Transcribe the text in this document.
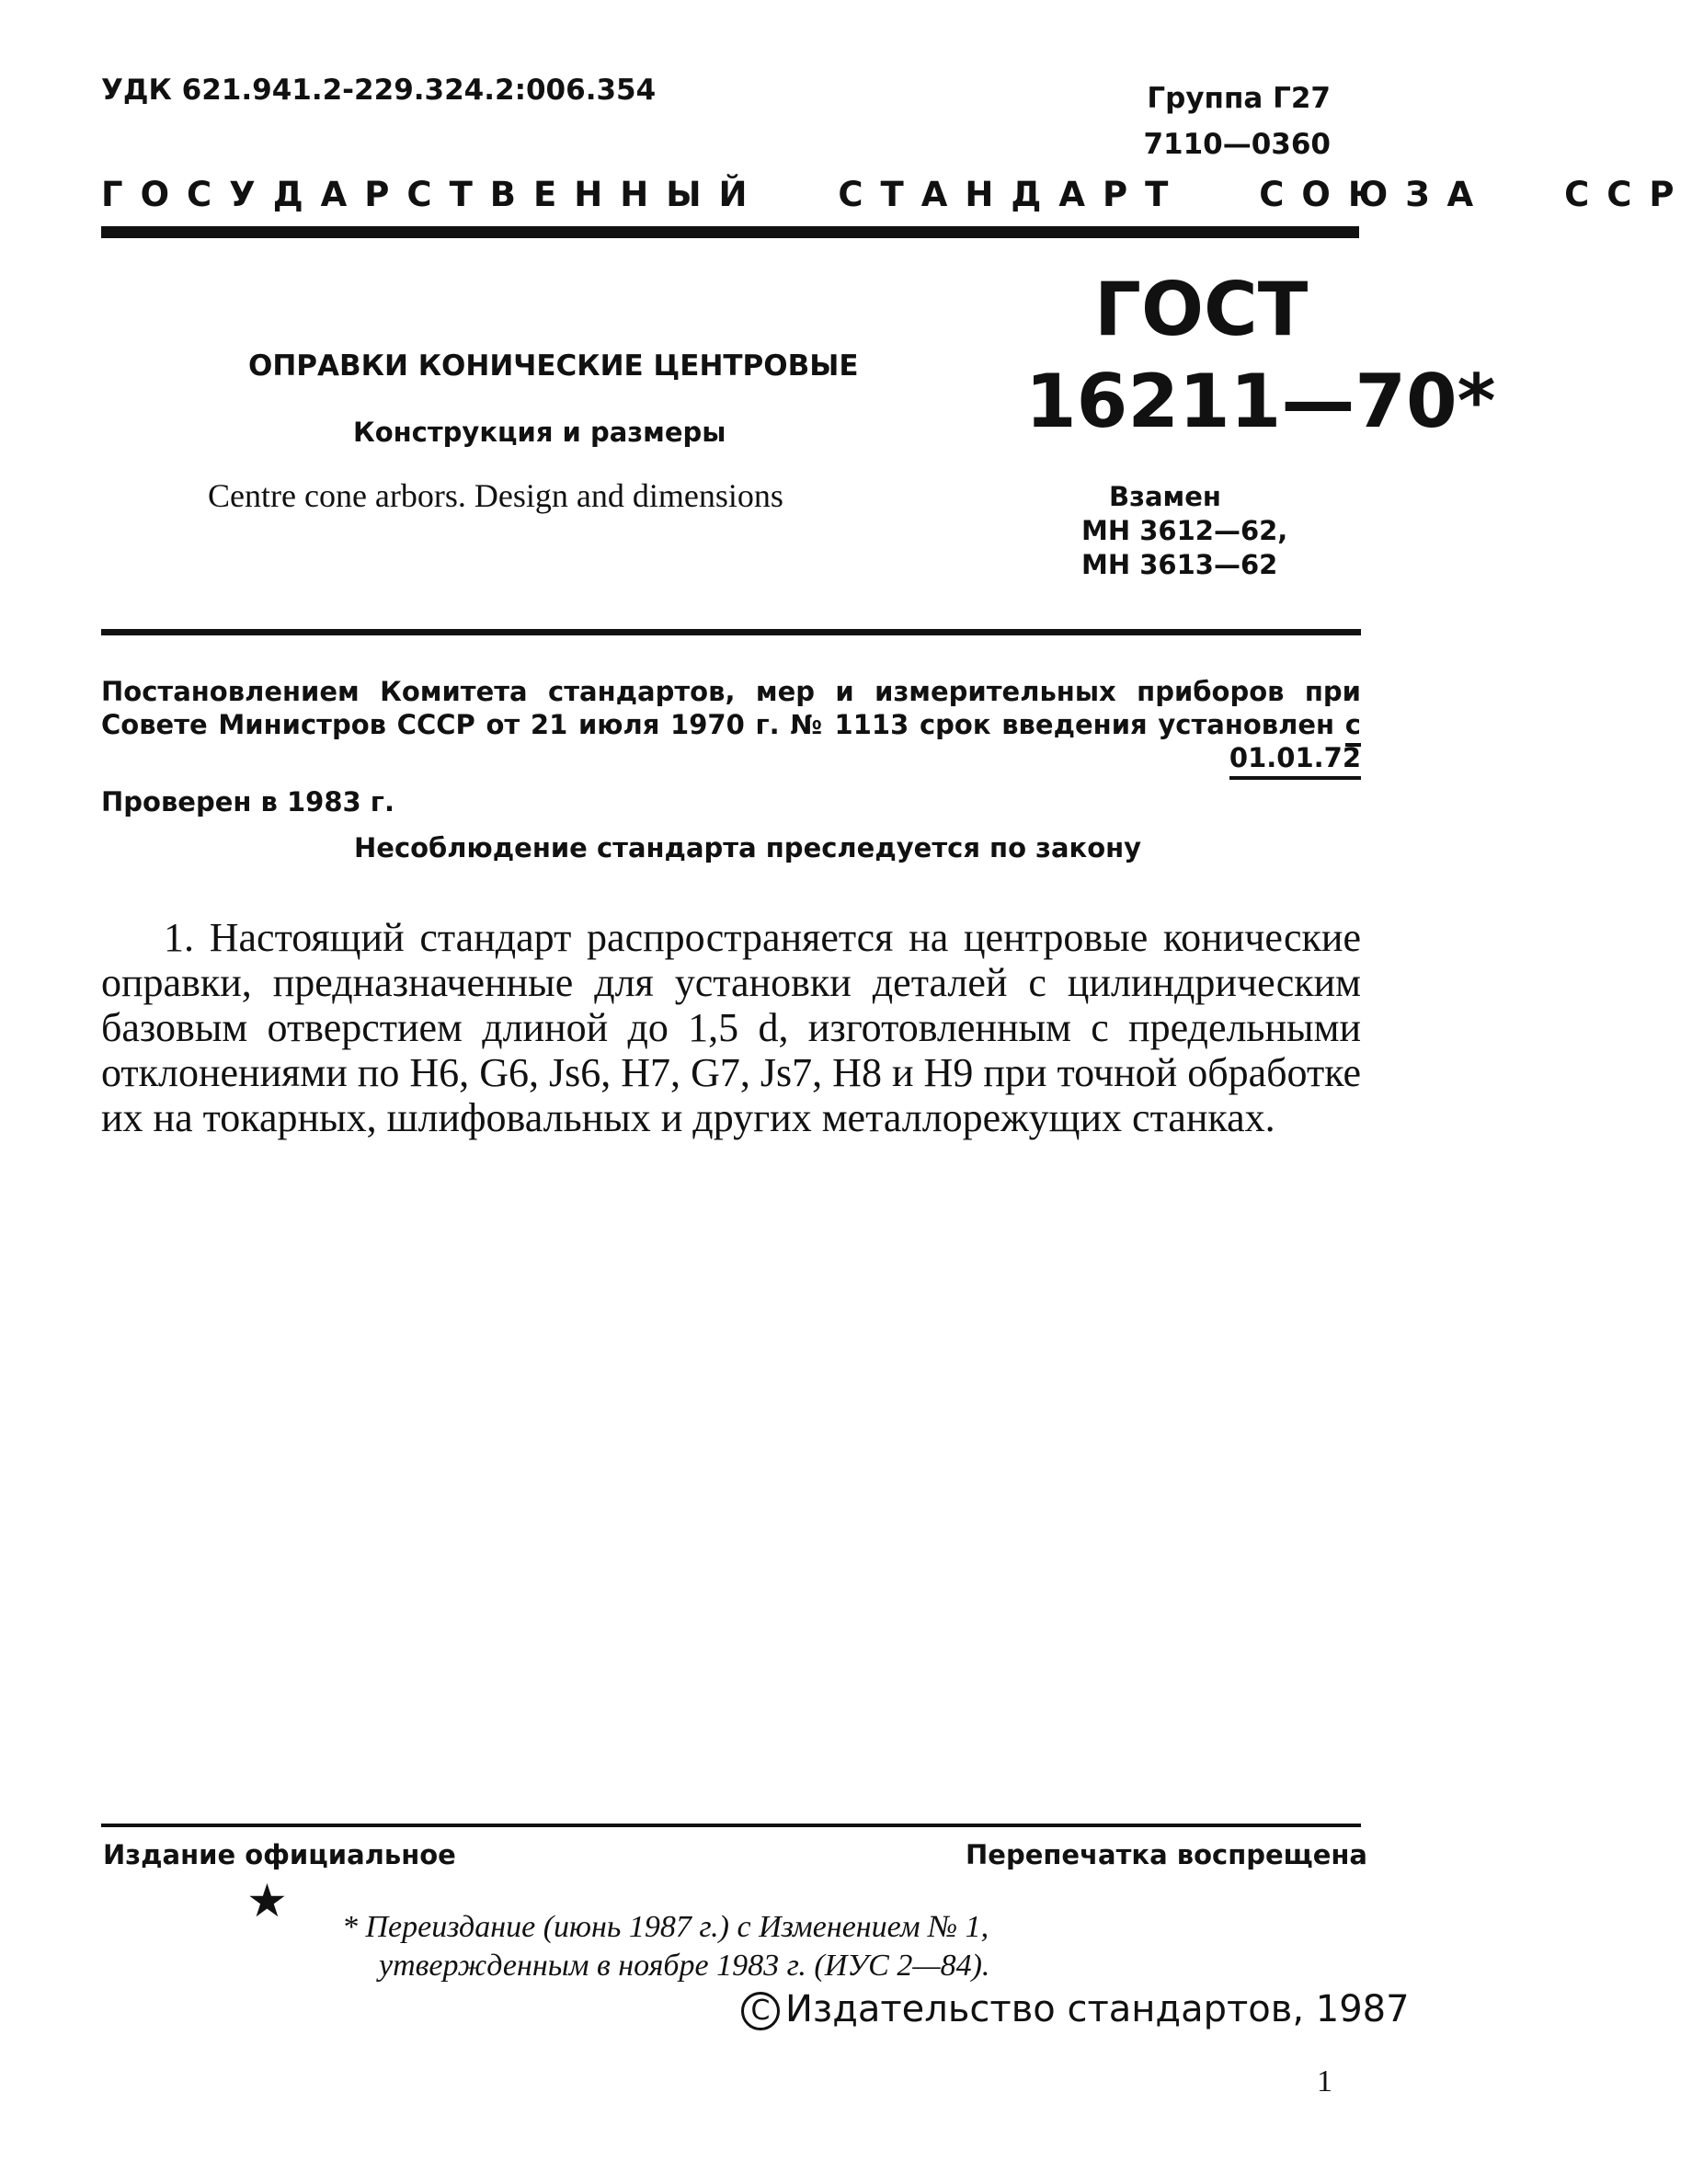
УДК 621.941.2-229.324.2:006.354	Группа Г27
7110—0360
ГОСУДАРСТВЕННЫЙ СТАНДАРТ СОЮЗА ССР
ОПРАВКИ КОНИЧЕСКИЕ ЦЕНТРОВЫЕ
Конструкция и размеры
Centre cone arbors. Design and dimensions
ГОСТ
16211—70*
Взамен
МН 3612—62,
МН 3613—62
Постановлением Комитета стандартов, мер и измерительных приборов при Совете Министров СССР от 21 июля 1970 г. № 1113 срок введения установлен с 01.01.72
Проверен в 1983 г.
Несоблюдение стандарта преследуется по закону
1. Настоящий стандарт распространяется на центровые конические оправки, предназначенные для установки деталей с цилиндрическим базовым отверстием длиной до 1,5 d, изготовленным с предельными отклонениями по H6, G6, Js6, H7, G7, Js7, H8 и H9 при точной обработке их на токарных, шлифовальных и других металлорежущих станках.
Издание официальное	Перепечатка воспрещена
★
* Переиздание (июнь 1987 г.) с Изменением № 1,
утвержденным в ноябре 1983 г. (ИУС 2—84).
C Издательство стандартов, 1987
1
